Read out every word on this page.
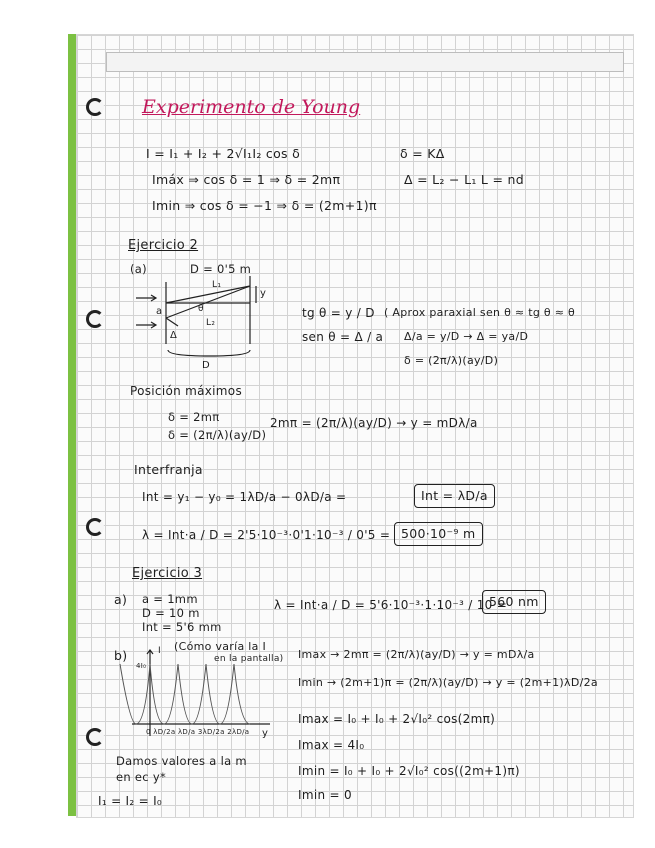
Experimento de Young
I = I₁ + I₂ + 2√I₁I₂ cos δ	δ = KΔ
Imáx ⇒ cos δ = 1 ⇒ δ = 2mπ	Δ = L₂ − L₁ L = nd
Imin ⇒ cos δ = −1 ⇒ δ = (2m+1)π
Ejercicio 2
(a)	D = 0'5 m
L₁
L₂
a
Δ
D
y
θ	tg θ = y / D
sen θ = Δ / a
( Aprox paraxial sen θ ≈ tg θ ≈ θ
Δ/a = y/D → Δ = ya/D
δ = (2π/λ)(ay/D)
Posición máximos
δ = 2mπ
δ = (2π/λ)(ay/D)
2mπ = (2π/λ)(ay/D) → y = mDλ/a
Interfranja
Int = y₁ − y₀ = 1λD/a − 0λD/a =	Int = λD/a
λ = Int·a / D = 2'5·10⁻³·0'1·10⁻³ / 0'5 = 500·10⁻⁹ m
Ejercicio 3
a) a = 1mm
D = 10 m
Int = 5'6 mm
λ = Int·a / D = 5'6·10⁻³·1·10⁻³ / 10 =
560 nm
b)	I (Cómo varía la I
en la pantalla)
4I₀
y
0 λD/2a λD/a 3λD/2a 2λD/a
Imax → 2mπ = (2π/λ)(ay/D) → y = mDλ/a
Imin → (2m+1)π = (2π/λ)(ay/D) → y = (2m+1)λD/2a
Imax = I₀ + I₀ + 2√I₀² cos(2mπ)
Imax = 4I₀
Imin = I₀ + I₀ + 2√I₀² cos((2m+1)π)
Imin = 0
Damos valores a la m
en ec y*
I₁ = I₂ = I₀
